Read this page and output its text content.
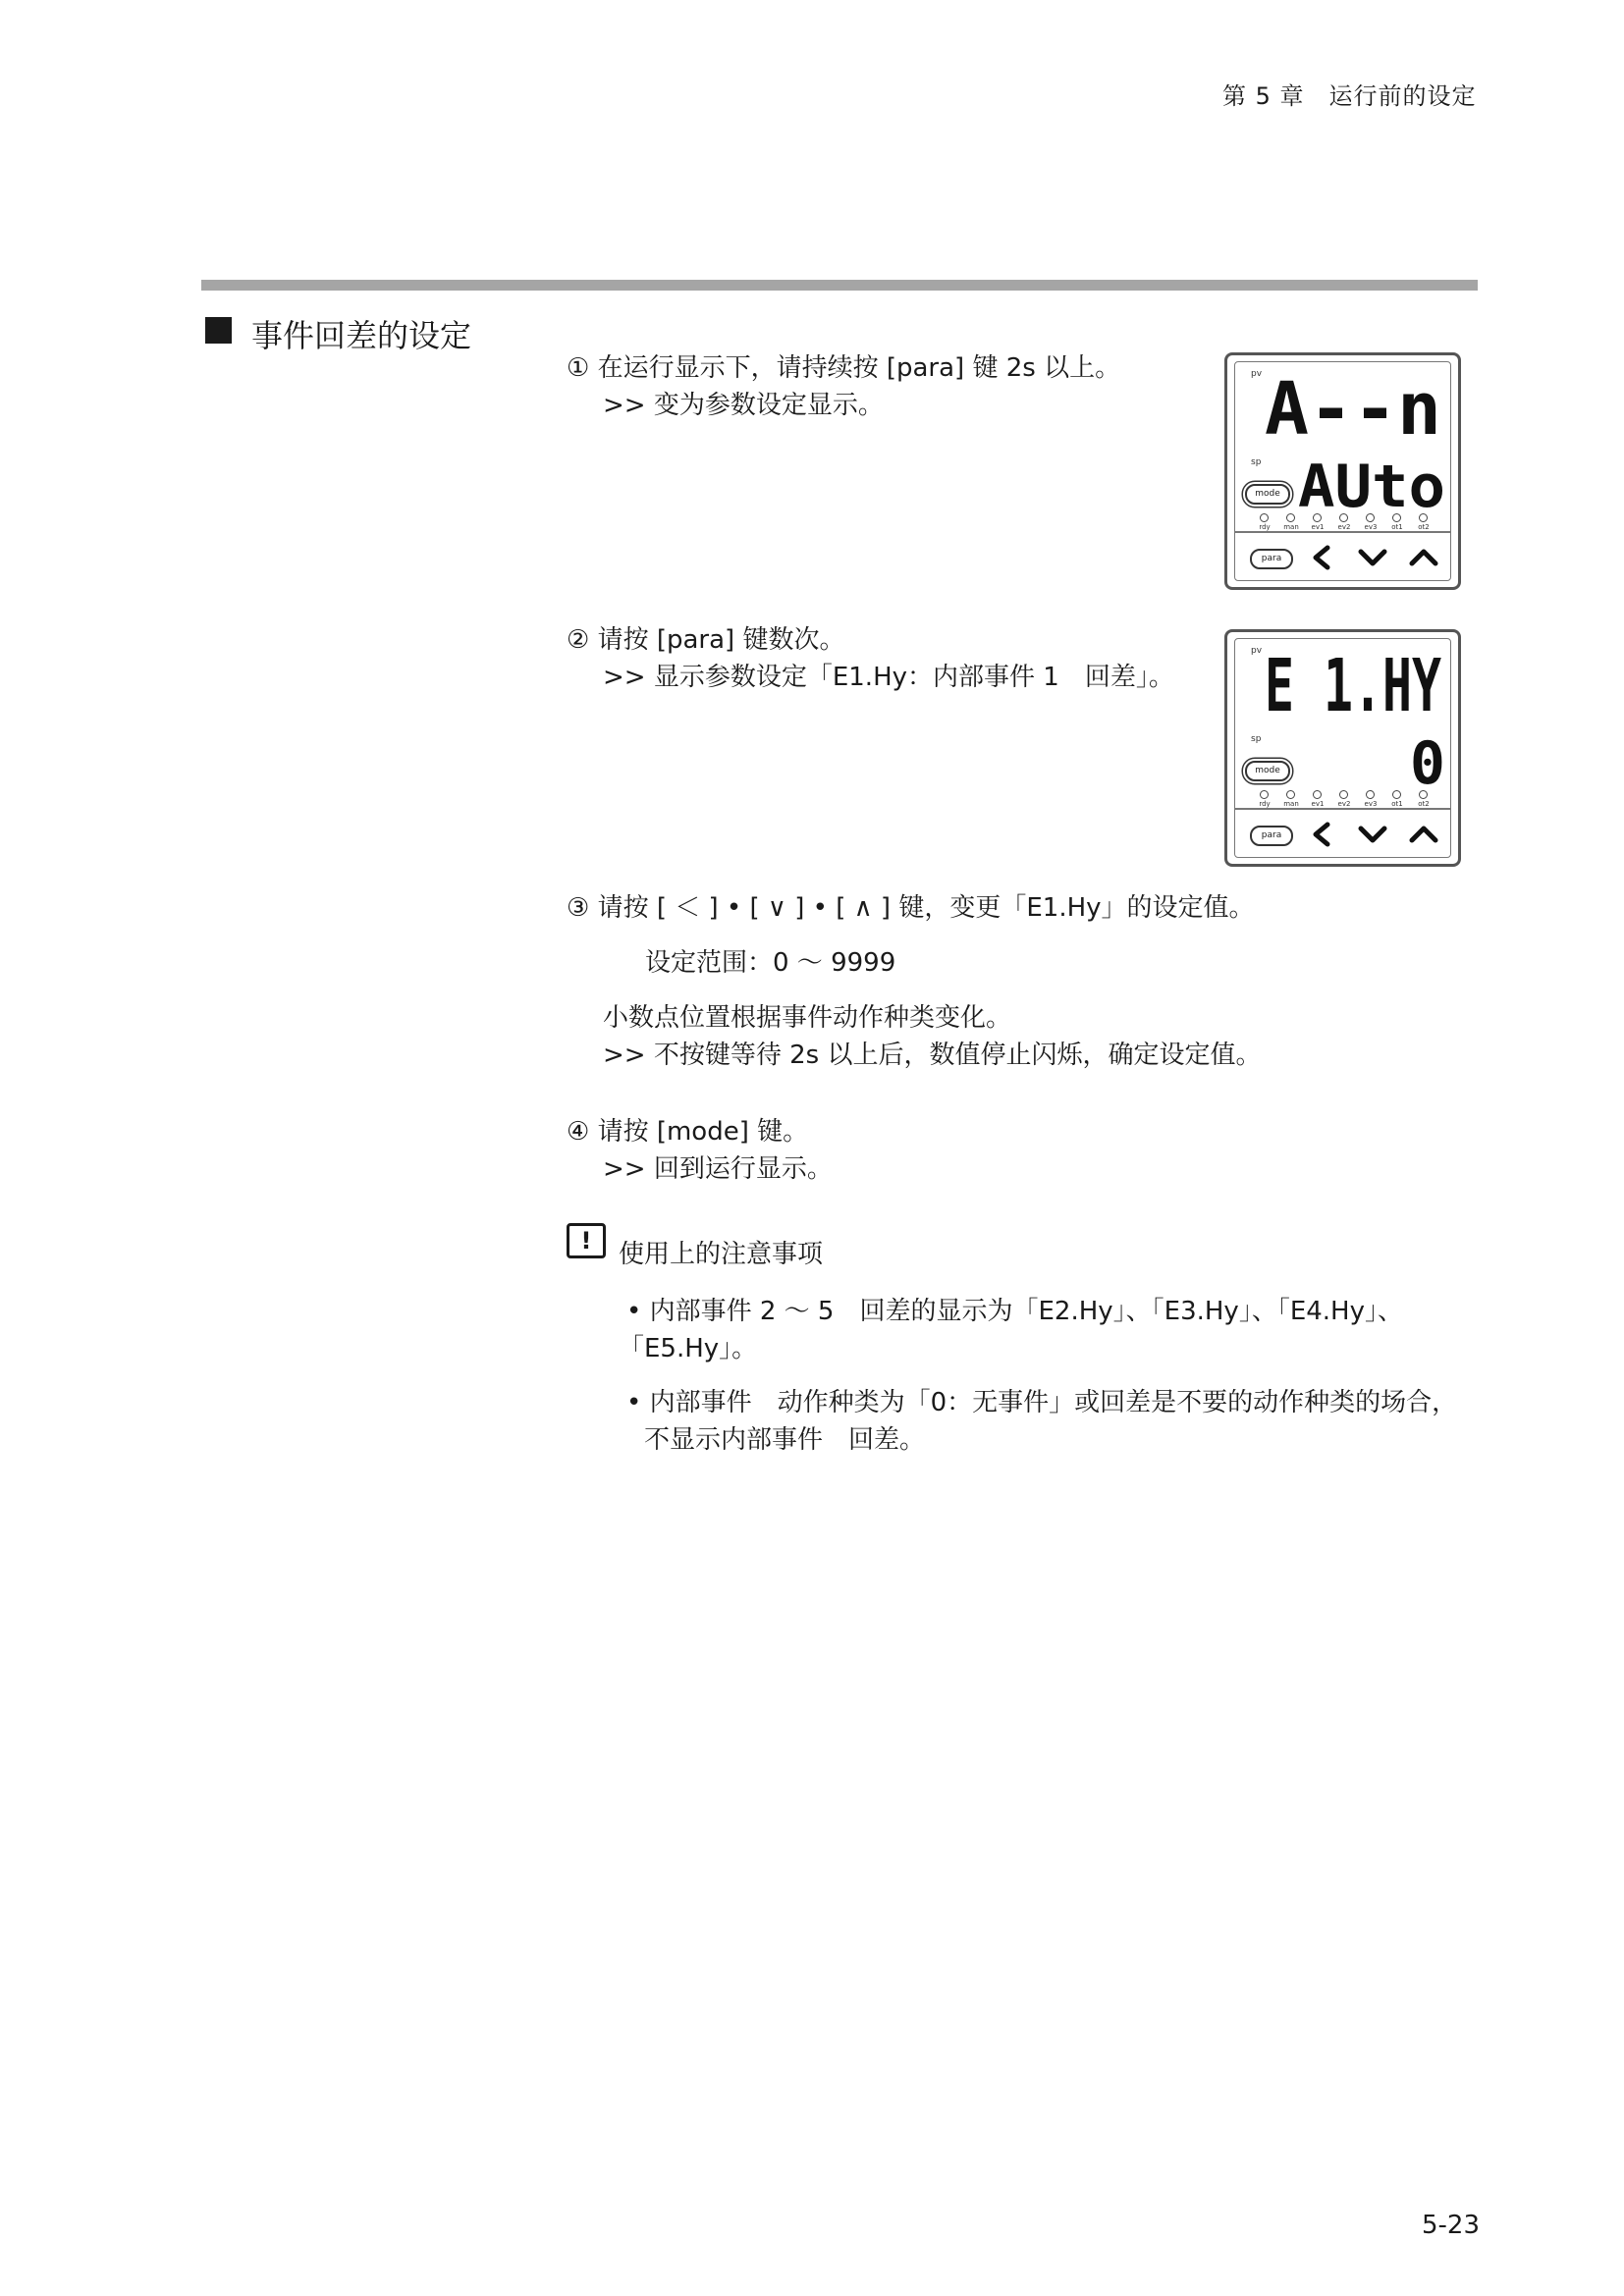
第 5 章　运行前的设定
事件回差的设定
① 在运行显示下，请持续按 [para] 键 2s 以上。
>> 变为参数设定显示。
② 请按 [para] 键数次。
>> 显示参数设定「E1.Hy：内部事件 1　回差」。
③ 请按 [ ＜ ] • [ ∨ ] • [ ∧ ] 键，变更「E1.Hy」的设定值。
设定范围：0 ～ 9999
小数点位置根据事件动作种类变化。
>> 不按键等待 2s 以上后，数值停止闪烁，确定设定值。
④ 请按 [mode] 键。
>> 回到运行显示。
!	使用上的注意事项
• 内部事件 2 ～ 5　回差的显示为「E2.Hy」、「E3.Hy」、「E4.Hy」、
「E5.Hy」。
• 内部事件　动作种类为「0：无事件」或回差是不要的动作种类的场合，
不显示内部事件　回差。
pv
sp
A--n
AUto
mode
rdy	man	ev1	ev2	ev3	ot1	ot2
para
pv
sp
E 1.HY
0
mode
rdy	man	ev1	ev2	ev3	ot1	ot2
para
5-23
